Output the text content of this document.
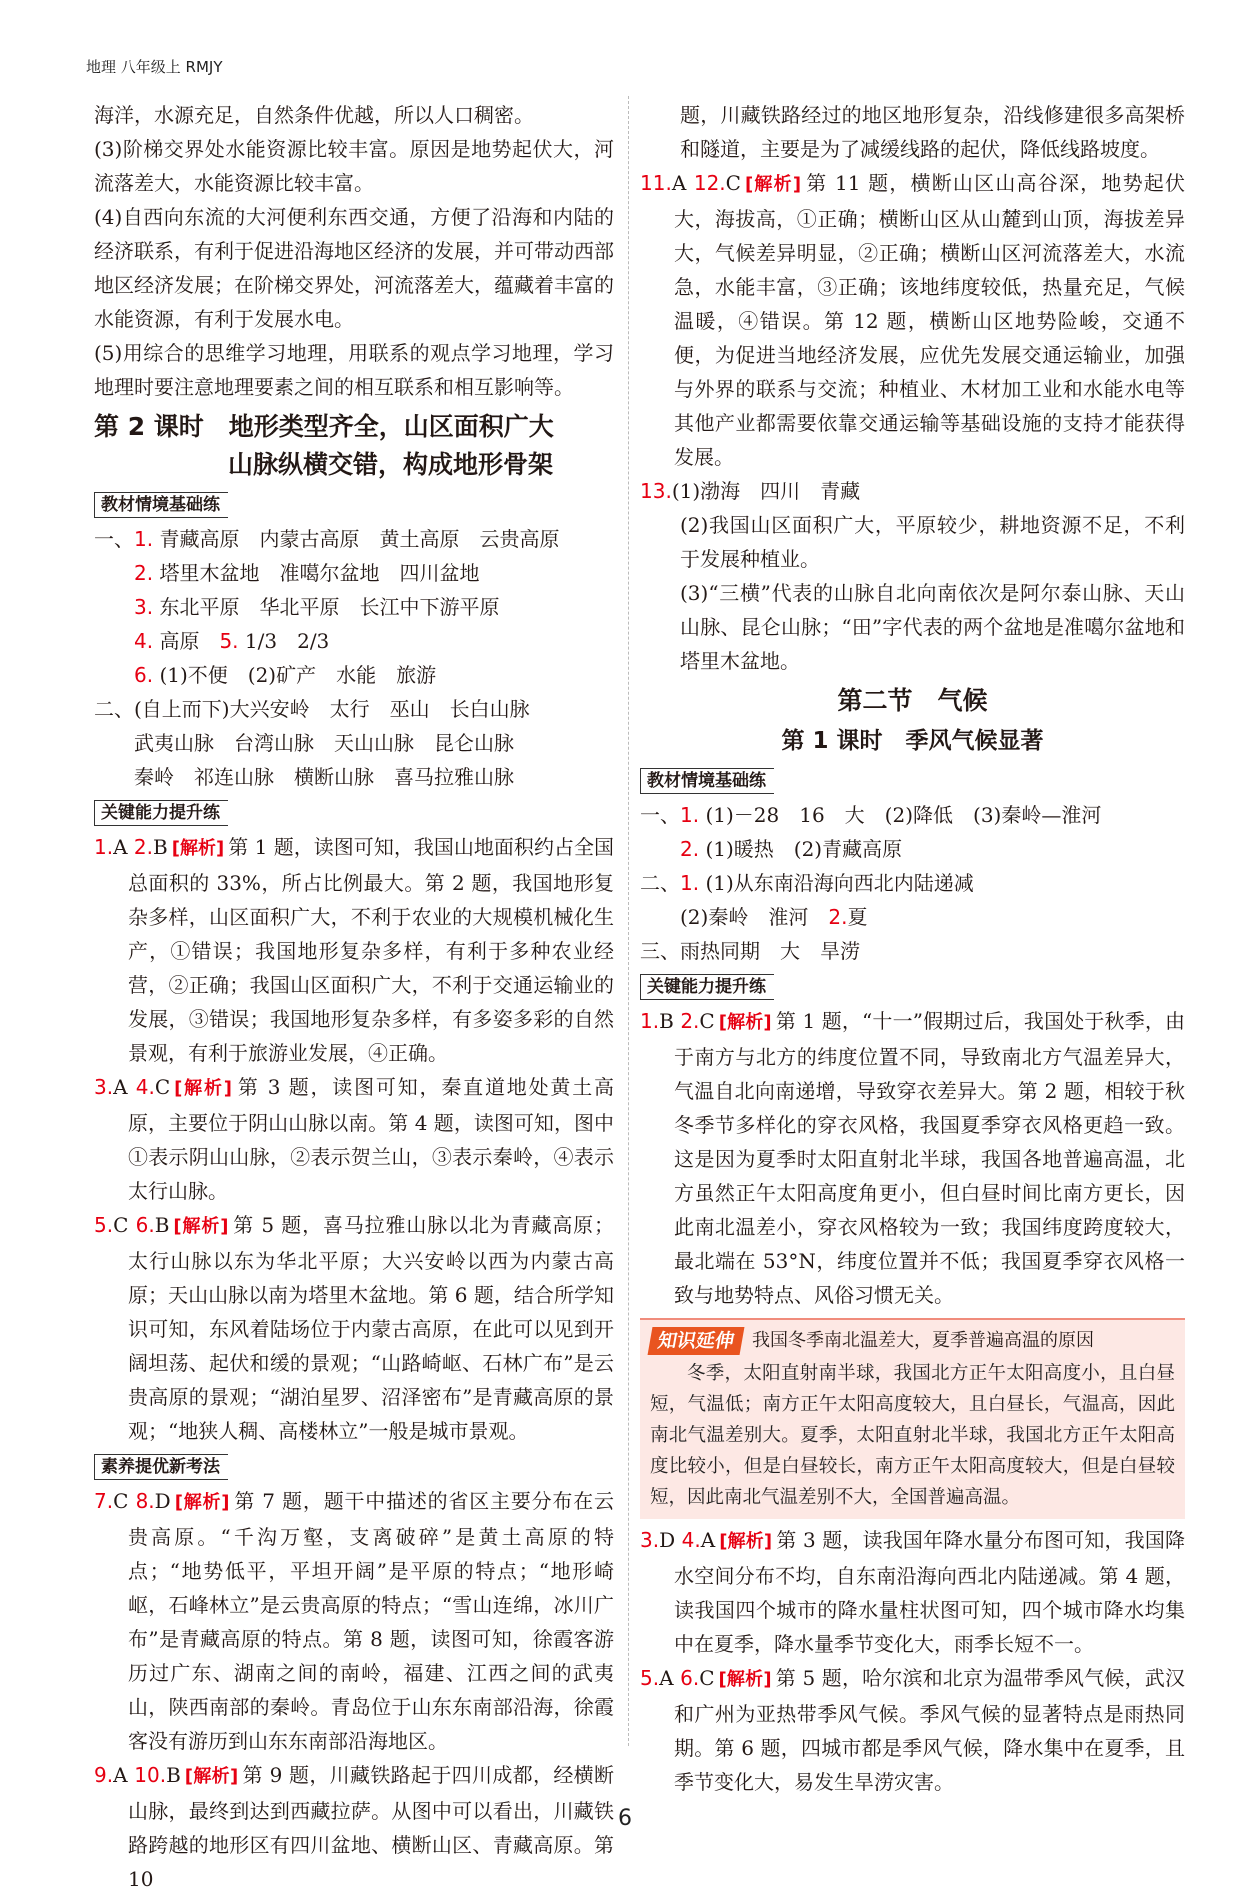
地理 八年级上 RMJY

海洋，水源充足，自然条件优越，所以人口稠密。

(3)阶梯交界处水能资源比较丰富。原因是地势起伏大，河流落差大，水能资源比较丰富。

(4)自西向东流的大河便利东西交通，方便了沿海和内陆的经济联系，有利于促进沿海地区经济的发展，并可带动西部地区经济发展；在阶梯交界处，河流落差大，蕴藏着丰富的水能资源，有利于发展水电。

(5)用综合的思维学习地理，用联系的观点学习地理，学习地理时要注意地理要素之间的相互联系和相互影响等。

第 2 课时　地形类型齐全，山区面积广大
山脉纵横交错，构成地形骨架
教材情境基础练
一、1. 青藏高原　内蒙古高原　黄土高原　云贵高原
2. 塔里木盆地　准噶尔盆地　四川盆地
3. 东北平原　华北平原　长江中下游平原
4. 高原　 5. 1/3　2/3
6. (1)不便　(2)矿产　水能　旅游
二、(自上而下)大兴安岭　太行　巫山　长白山脉
武夷山脉　台湾山脉　天山山脉　昆仑山脉
秦岭　祁连山脉　横断山脉　喜马拉雅山脉
关键能力提升练

1.A 2.B [解析] 第 1 题，读图可知，我国山地面积约占全国总面积的 33%，所占比例最大。第 2 题，我国地形复杂多样，山区面积广大，不利于农业的大规模机械化生产，①错误；我国地形复杂多样，有利于多种农业经营，②正确；我国山区面积广大，不利于交通运输业的发展，③错误；我国地形复杂多样，有多姿多彩的自然景观，有利于旅游业发展，④正确。

3.A 4.C [解析] 第 3 题，读图可知，秦直道地处黄土高原，主要位于阴山山脉以南。第 4 题，读图可知，图中①表示阴山山脉，②表示贺兰山，③表示秦岭，④表示太行山脉。

5.C 6.B [解析] 第 5 题，喜马拉雅山脉以北为青藏高原；太行山脉以东为华北平原；大兴安岭以西为内蒙古高原；天山山脉以南为塔里木盆地。第 6 题，结合所学知识可知，东风着陆场位于内蒙古高原，在此可以见到开阔坦荡、起伏和缓的景观；“山路崎岖、石林广布”是云贵高原的景观；“湖泊星罗、沼泽密布”是青藏高原的景观；“地狭人稠、高楼林立”一般是城市景观。

素养提优新考法

7.C 8.D [解析] 第 7 题，题干中描述的省区主要分布在云贵高原。“千沟万壑，支离破碎”是黄土高原的特点；“地势低平，平坦开阔”是平原的特点；“地形崎岖，石峰林立”是云贵高原的特点；“雪山连绵，冰川广布”是青藏高原的特点。第 8 题，读图可知，徐霞客游历过广东、湖南之间的南岭，福建、江西之间的武夷山，陕西南部的秦岭。青岛位于山东东南部沿海，徐霞客没有游历到山东东南部沿海地区。

9.A 10.B [解析] 第 9 题，川藏铁路起于四川成都，经横断山脉，最终到达到西藏拉萨。从图中可以看出，川藏铁路跨越的地形区有四川盆地、横断山区、青藏高原。第 10

题，川藏铁路经过的地区地形复杂，沿线修建很多高架桥和隧道，主要是为了减缓线路的起伏，降低线路坡度。

11.A 12.C [解析] 第 11 题，横断山区山高谷深，地势起伏大，海拔高，①正确；横断山区从山麓到山顶，海拔差异大，气候差异明显，②正确；横断山区河流落差大，水流急，水能丰富，③正确；该地纬度较低，热量充足，气候温暖，④错误。第 12 题，横断山区地势险峻，交通不便，为促进当地经济发展，应优先发展交通运输业，加强与外界的联系与交流；种植业、木材加工业和水能水电等其他产业都需要依靠交通运输等基础设施的支持才能获得发展。

13.(1)渤海　四川　青藏

(2)我国山区面积广大，平原较少，耕地资源不足，不利于发展种植业。

(3)“三横”代表的山脉自北向南依次是阿尔泰山脉、天山山脉、昆仑山脉；“田”字代表的两个盆地是准噶尔盆地和塔里木盆地。

第二节　气候
第 1 课时　季风气候显著
教材情境基础练
一、1. (1)－28　16　大　(2)降低　(3)秦岭—淮河
2. (1)暖热　(2)青藏高原
二、1. (1)从东南沿海向西北内陆递减
(2)秦岭　淮河　 2.夏
三、雨热同期　大　旱涝
关键能力提升练

1.B 2.C [解析] 第 1 题，“十一”假期过后，我国处于秋季，由于南方与北方的纬度位置不同，导致南北方气温差异大，气温自北向南递增，导致穿衣差异大。第 2 题，相较于秋冬季节多样化的穿衣风格，我国夏季穿衣风格更趋一致。这是因为夏季时太阳直射北半球，我国各地普遍高温，北方虽然正午太阳高度角更小，但白昼时间比南方更长，因此南北温差小，穿衣风格较为一致；我国纬度跨度较大，最北端在 53°N，纬度位置并不低；我国夏季穿衣风格一致与地势特点、风俗习惯无关。

知识延伸 我国冬季南北温差大，夏季普遍高温的原因
冬季，太阳直射南半球，我国北方正午太阳高度小，且白昼短，气温低；南方正午太阳高度较大，且白昼长，气温高，因此南北气温差别大。夏季，太阳直射北半球，我国北方正午太阳高度比较小，但是白昼较长，南方正午太阳高度较大，但是白昼较短，因此南北气温差别不大，全国普遍高温。

3.D 4.A [解析] 第 3 题，读我国年降水量分布图可知，我国降水空间分布不均，自东南沿海向西北内陆递减。第 4 题，读我国四个城市的降水量柱状图可知，四个城市降水均集中在夏季，降水量季节变化大，雨季长短不一。

5.A 6.C [解析] 第 5 题，哈尔滨和北京为温带季风气候，武汉和广州为亚热带季风气候。季风气候的显著特点是雨热同期。第 6 题，四城市都是季风气候，降水集中在夏季，且季节变化大，易发生旱涝灾害。

6
